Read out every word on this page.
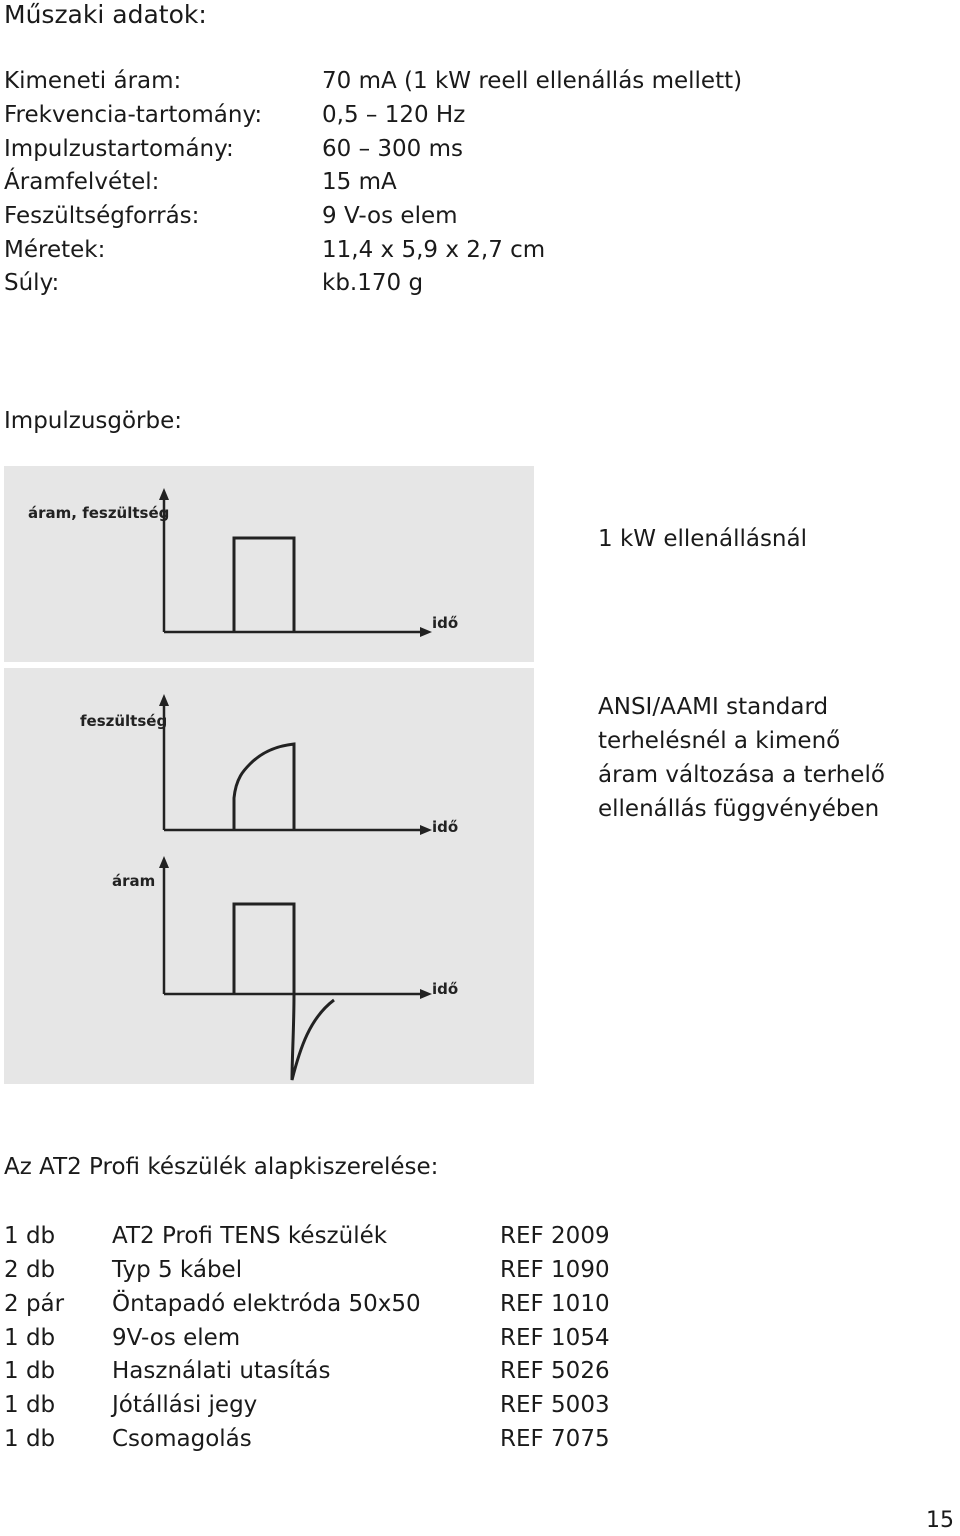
Műszaki adatok:
Kimeneti áram:	70 mA (1 kW reell ellenállás mellett)
Frekvencia-tartomány:	0,5 – 120 Hz
Impulzustartomány:	60 – 300 ms
Áramfelvétel:	15 mA
Feszültségforrás:	9 V-os elem
Méretek:	11,4 x 5,9 x 2,7 cm
Súly:	kb.170 g
Impulzusgörbe:
áram, feszültség
idő
feszültség
idő
áram
idő
1 kW ellenállásnál
ANSI/AAMI standard
terhelésnél a kimenő
áram változása a terhelő
ellenállás függvényében
Az AT2 Profi készülék alapkiszerelése:
1 db AT2 Profi TENS készülék	REF 2009
2 db Typ 5 kábel	REF 1090
2 pár Öntapadó elektróda 50x50	REF 1010
1 db 9V-os elem	REF 1054
1 db Használati utasítás	REF 5026
1 db Jótállási jegy	REF 5003
1 db Csomagolás	REF 7075
15
